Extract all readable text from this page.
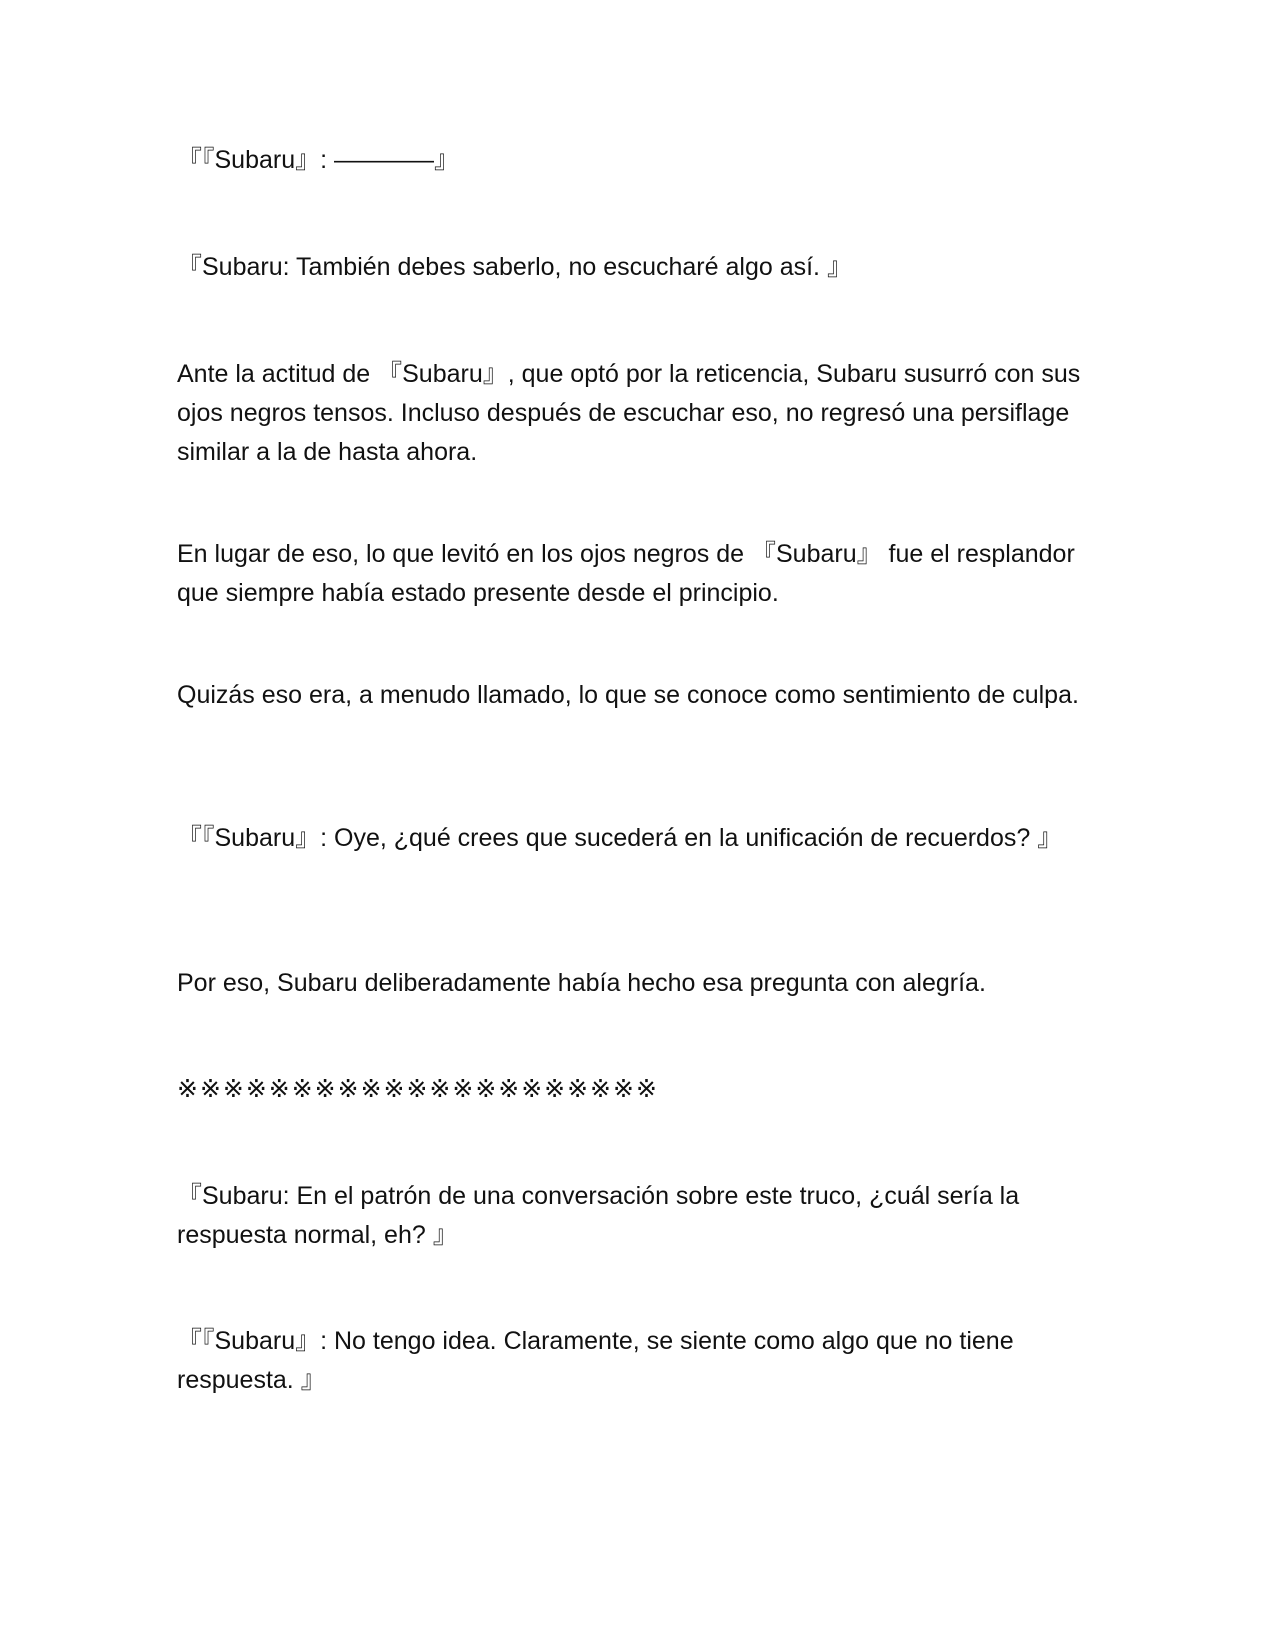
『『Subaru』: ――――』

『Subaru: También debes saberlo, no escucharé algo así. 』

Ante la actitud de 『Subaru』, que optó por la reticencia, Subaru susurró con sus ojos negros tensos. Incluso después de escuchar eso, no regresó una persiflage similar a la de hasta ahora.

En lugar de eso, lo que levitó en los ojos negros de 『Subaru』 fue el resplandor que siempre había estado presente desde el principio.

Quizás eso era, a menudo llamado, lo que se conoce como sentimiento de culpa.

『『Subaru』: Oye, ¿qué crees que sucederá en la unificación de recuerdos? 』

Por eso, Subaru deliberadamente había hecho esa pregunta con alegría.

※※※※※※※※※※※※※※※※※※※※※

『Subaru: En el patrón de una conversación sobre este truco, ¿cuál sería la respuesta normal, eh? 』

『『Subaru』: No tengo idea. Claramente, se siente como algo que no tiene respuesta. 』
